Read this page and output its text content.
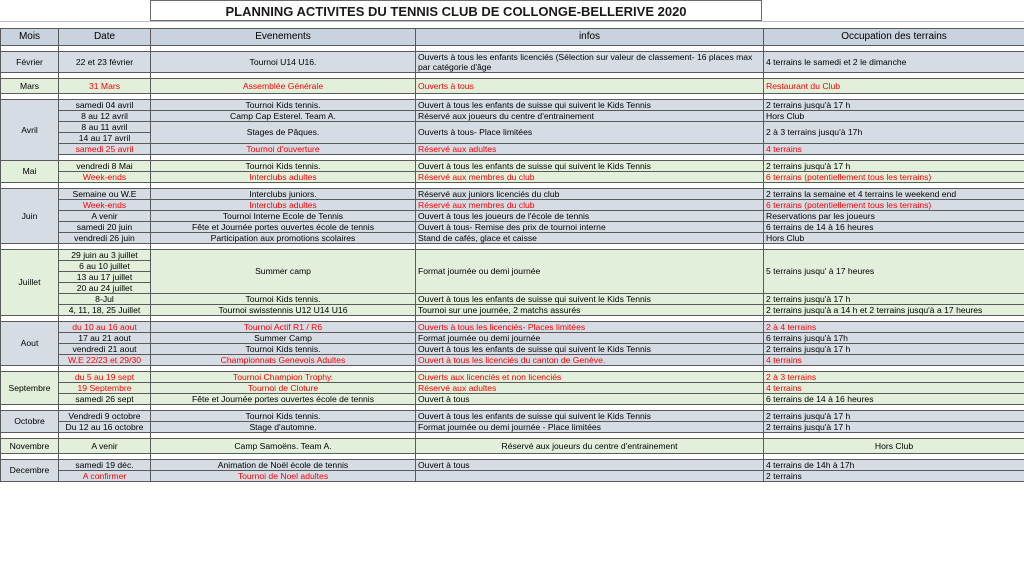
PLANNING ACTIVITES DU TENNIS CLUB DE COLLONGE-BELLERIVE 2020
Mois	Date	Evenements	infos	Occupation des terrains

Février	22 et 23 février	Tournoi U14 U16.	Ouverts à tous les enfants licenciés (Sélection sur valeur de classement- 16 places max par catégorie d'âge	4 terrains le samedi et 2 le dimanche

Mars	31 Mars	Assemblée Générale	Ouverts à tous	Restaurant du Club

Avril	samedi 04 avril	Tournoi Kids tennis.	Ouvert à tous les enfants de suisse qui suivent le Kids Tennis	2 terrains jusqu'à 17 h
	8 au 12 avril	Camp Cap Esterel. Team A.	Réservé aux joueurs du centre d'entrainement	Hors Club
	8 au 11 avril	Stages de Pâques.	Ouverts à tous- Place limitées	2 à 3 terrains jusqu'à 17h
	14 au 17 avril			
	samedi 25 avril	Tournoi d'ouverture	Réservé aux adultes	4 terrains

Mai	vendredi 8 Mai	Tournoi Kids tennis.	Ouvert à tous les enfants de suisse qui suivent le Kids Tennis	2 terrains jusqu'à 17 h
	Week-ends	Interclubs adultes	Réservé aux membres du club	6 terrains (potentiellement tous les terrains)

Juin	Semaine ou W.E	Interclubs juniors.	Réservé aux juniors licenciés du club	2 terrains la semaine et 4 terrains le weekend end
	Week-ends	Interclubs adultes	Réservé aux membres du club	6 terrains (potentiellement tous les terrains)
	A venir	Tournoi Interne Ecole de Tennis	Ouvert à tous les joueurs de l'école de tennis	Reservations par les joueurs
	samedi 20 juin	Fête et Journée portes ouvertes école de tennis	Ouvert à tous- Remise des prix de tournoi interne	6 terrains de 14 à 16 heures
	vendredi 26 juin	Participation aux promotions scolaires	Stand de cafés, glace et caisse	Hors Club

Juillet	29 juin au 3 juillet	Summer camp	Format journée ou demi journée	5 terrains jusqu' à 17 heures
	6 au 10 juillet			
	13 au 17 juillet			
	20 au 24 juillet			
	8-Jul	Tournoi Kids tennis.	Ouvert à tous les enfants de suisse qui suivent le Kids Tennis	2 terrains jusqu'à 17 h
	4, 11, 18, 25 Juillet	Tournoi swisstennis U12 U14 U16	Tournoi sur une journée, 2 matchs assurés	2 terrains jusqu'à a 14 h et 2 terrains jusqu'à a 17 heures

Aout	du 10 au 16 aout	Tournoi Actif R1 / R6	Ouverts à tous les licenciés- Places limitées	2 à 4 terrains
	17 au 21 aout	Summer Camp	Format journée ou demi journée	6 terrains jusqu'à 17h
	vendredi 21 aout	Tournoi Kids tennis.	Ouvert à tous les enfants de suisse qui suivent le Kids Tennis	2 terrains jusqu'à 17 h
	W.E 22/23 et 29/30	Championnats Genevois Adultes	Ouvert à tous les licenciés du canton de Genève.	4 terrains

Septembre	du 5 au 19 sept	Tournoi Champion Trophy.	Ouverts aux licenciés et non licenciés	2 à 3 terrains
	19 Septembre	Tournoi de Cloture	Réservé aux adultes	4 terrains
	samedi 26 sept	Fête et Journée portes ouvertes école de tennis	Ouvert à tous	6 terrains de 14 à 16 heures

Octobre	Vendredi 9 octobre	Tournoi Kids tennis.	Ouvert à tous les enfants de suisse qui suivent le Kids Tennis	2 terrains jusqu'à 17 h
	Du 12 au 16 octobre	Stage d'automne.	Format journée ou demi journée - Place limitées	2 terrains jusqu'à 17 h

Novembre	A venir	Camp Samoëns. Team A.	Réservé aux joueurs du centre d'entrainement	Hors Club

Decembre	samedi 19 déc.	Animation de Noël école de tennis	Ouvert à tous	4 terrains de 14h à 17h
	A confirmer	Tournoi de Noel adultes		2 terrains
